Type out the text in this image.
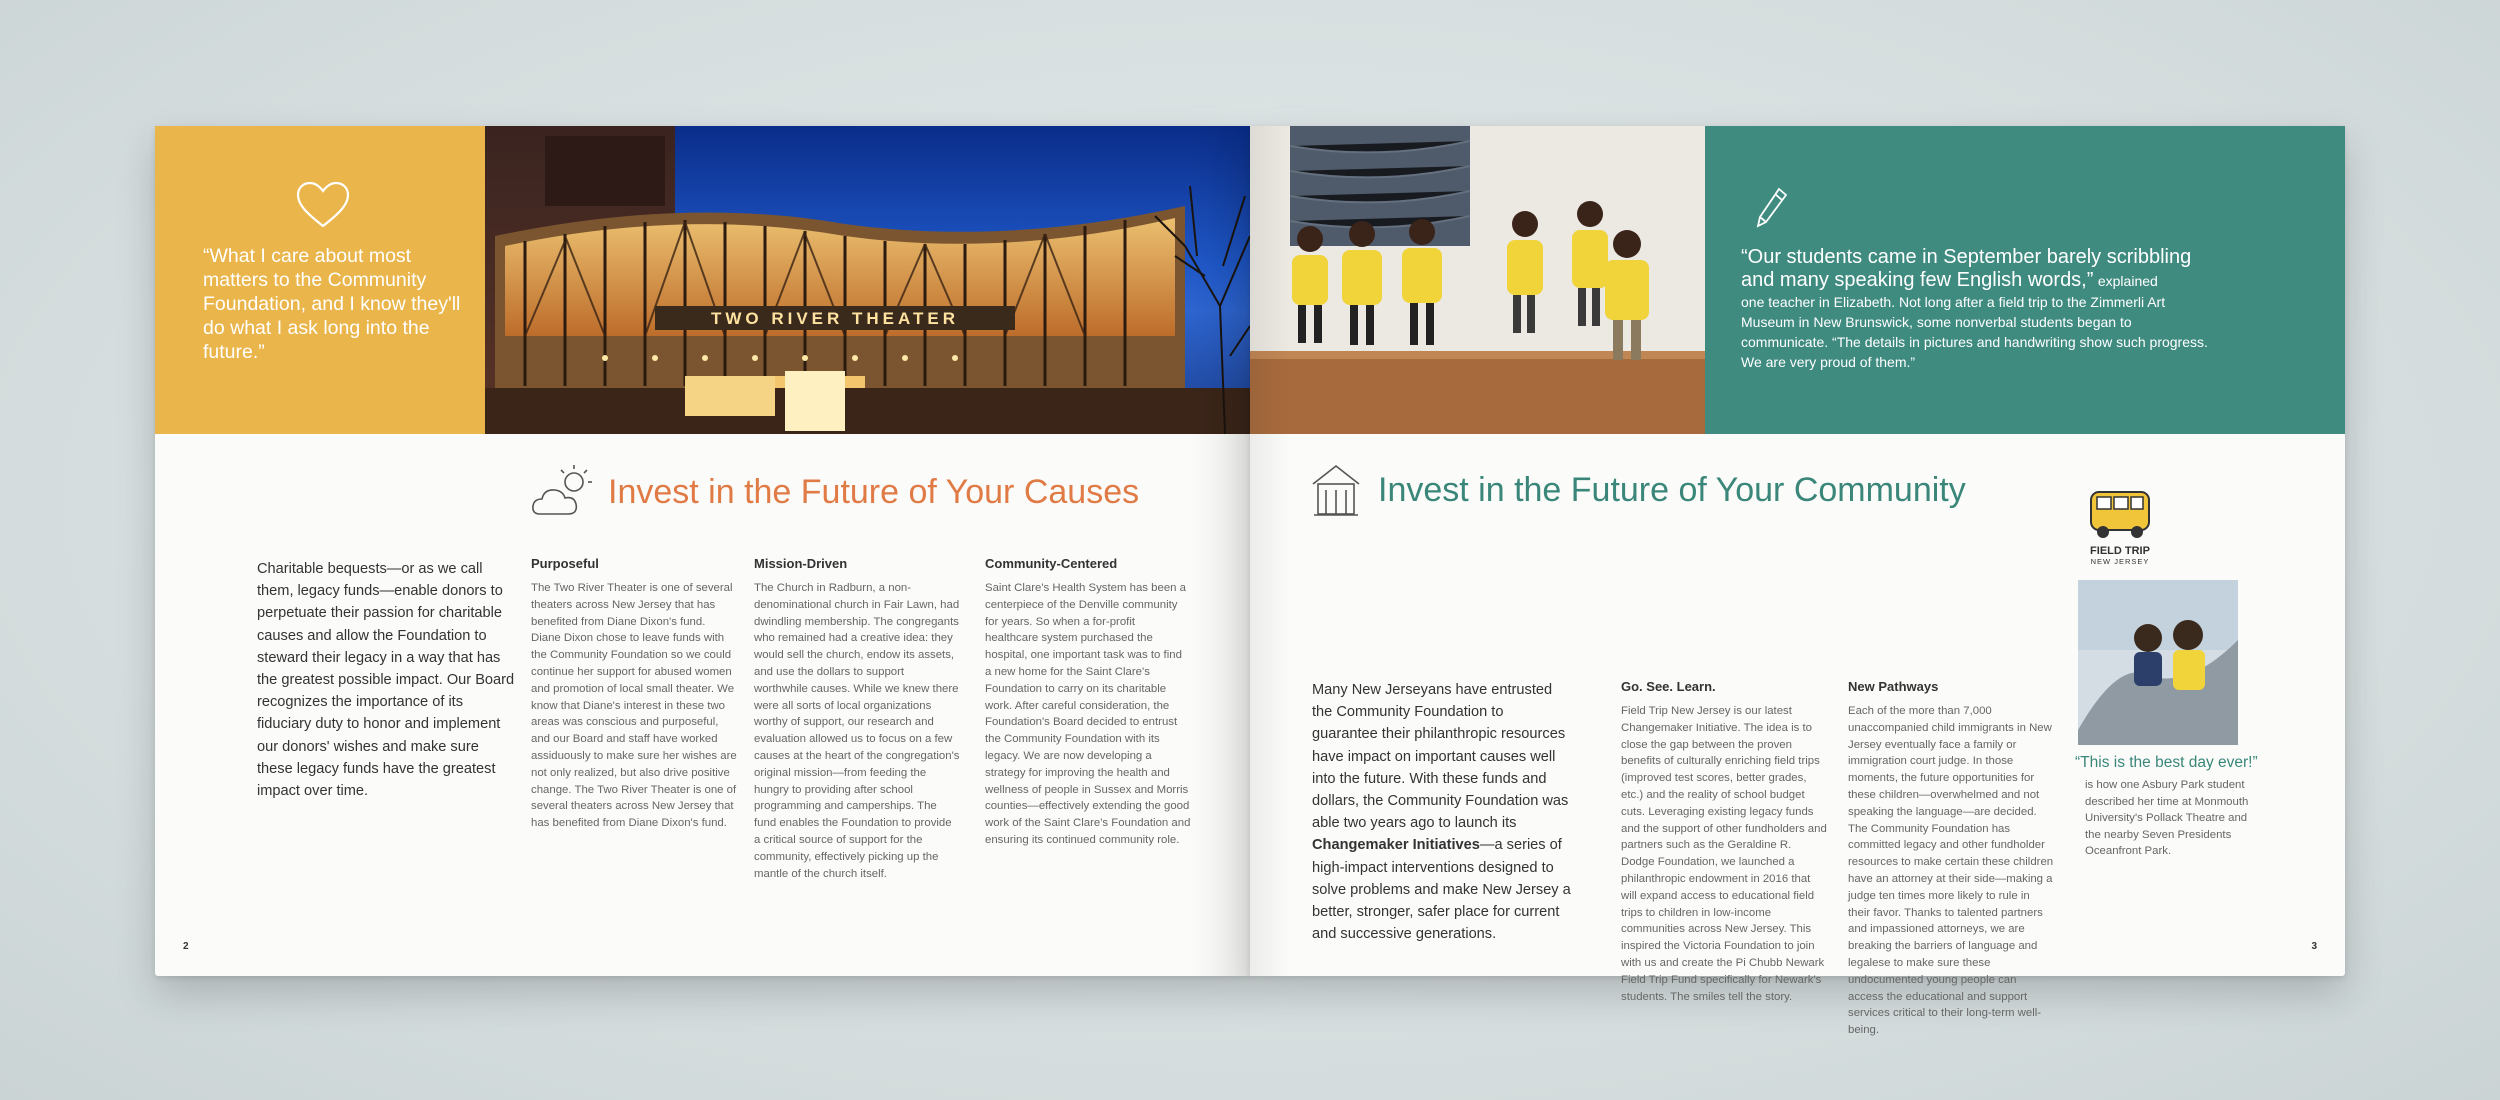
“What I care about most matters to the Community Foundation, and I know they'll do what I ask long into the future.”
TWO RIVER THEATER
Invest in the Future of Your Causes
Charitable bequests—or as we call them, legacy funds—enable donors to perpetuate their passion for charitable causes and allow the Foundation to steward their legacy in a way that has the greatest possible impact. Our Board recognizes the importance of its fiduciary duty to honor and implement our donors' wishes and make sure these legacy funds have the greatest impact over time.
Purposeful
The Two River Theater is one of several theaters across New Jersey that has benefited from Diane Dixon's fund. Diane Dixon chose to leave funds with the Community Foundation so we could continue her support for abused women and promotion of local small theater. We know that Diane's interest in these two areas was conscious and purposeful, and our Board and staff have worked assiduously to make sure her wishes are not only realized, but also drive positive change. The Two River Theater is one of several theaters across New Jersey that has benefited from Diane Dixon's fund.
Mission-Driven
The Church in Radburn, a non-denominational church in Fair Lawn, had dwindling membership. The congregants who remained had a creative idea: they would sell the church, endow its assets, and use the dollars to support worthwhile causes. While we knew there were all sorts of local organizations worthy of support, our research and evaluation allowed us to focus on a few causes at the heart of the congregation's original mission—from feeding the hungry to providing after school programming and camperships. The fund enables the Foundation to provide a critical source of support for the community, effectively picking up the mantle of the church itself.
Community-Centered
Saint Clare's Health System has been a centerpiece of the Denville community for years. So when a for-profit healthcare system purchased the hospital, one important task was to find a new home for the Saint Clare's Foundation to carry on its charitable work. After careful consideration, the Foundation's Board decided to entrust the Community Foundation with its legacy. We are now developing a strategy for improving the health and wellness of people in Sussex and Morris counties—effectively extending the good work of the Saint Clare's Foundation and ensuring its continued community role.
2
“Our students came in September barely scribbling and many speaking few English words,” explained
one teacher in Elizabeth. Not long after a field trip to the Zimmerli Art Museum in New Brunswick, some nonverbal students began to communicate. “The details in pictures and handwriting show such progress. We are very proud of them.”
Invest in the Future of Your Community
Many New Jerseyans have entrusted the Community Foundation to guarantee their philanthropic resources have impact on important causes well into the future. With these funds and dollars, the Community Foundation was able two years ago to launch its Changemaker Initiatives—a series of high-impact interventions designed to solve problems and make New Jersey a better, stronger, safer place for current and successive generations.
Go. See. Learn.
Field Trip New Jersey is our latest Changemaker Initiative. The idea is to close the gap between the proven benefits of culturally enriching field trips (improved test scores, better grades, etc.) and the reality of school budget cuts. Leveraging existing legacy funds and the support of other fundholders and partners such as the Geraldine R. Dodge Foundation, we launched a philanthropic endowment in 2016 that will expand access to educational field trips to children in low-income communities across New Jersey. This inspired the Victoria Foundation to join with us and create the Pi Chubb Newark Field Trip Fund specifically for Newark's students. The smiles tell the story.
New Pathways
Each of the more than 7,000 unaccompanied child immigrants in New Jersey eventually face a family or immigration court judge. In those moments, the future opportunities for these children—overwhelmed and not speaking the language—are decided. The Community Foundation has committed legacy and other fundholder resources to make certain these children have an attorney at their side—making a judge ten times more likely to rule in their favor. Thanks to talented partners and impassioned attorneys, we are breaking the barriers of language and legalese to make sure these undocumented young people can access the educational and support services critical to their long-term well-being.
FIELD TRIP
NEW JERSEY
“This is the best day ever!”
is how one Asbury Park student described her time at Monmouth University's Pollack Theatre and the nearby Seven Presidents Oceanfront Park.
3
